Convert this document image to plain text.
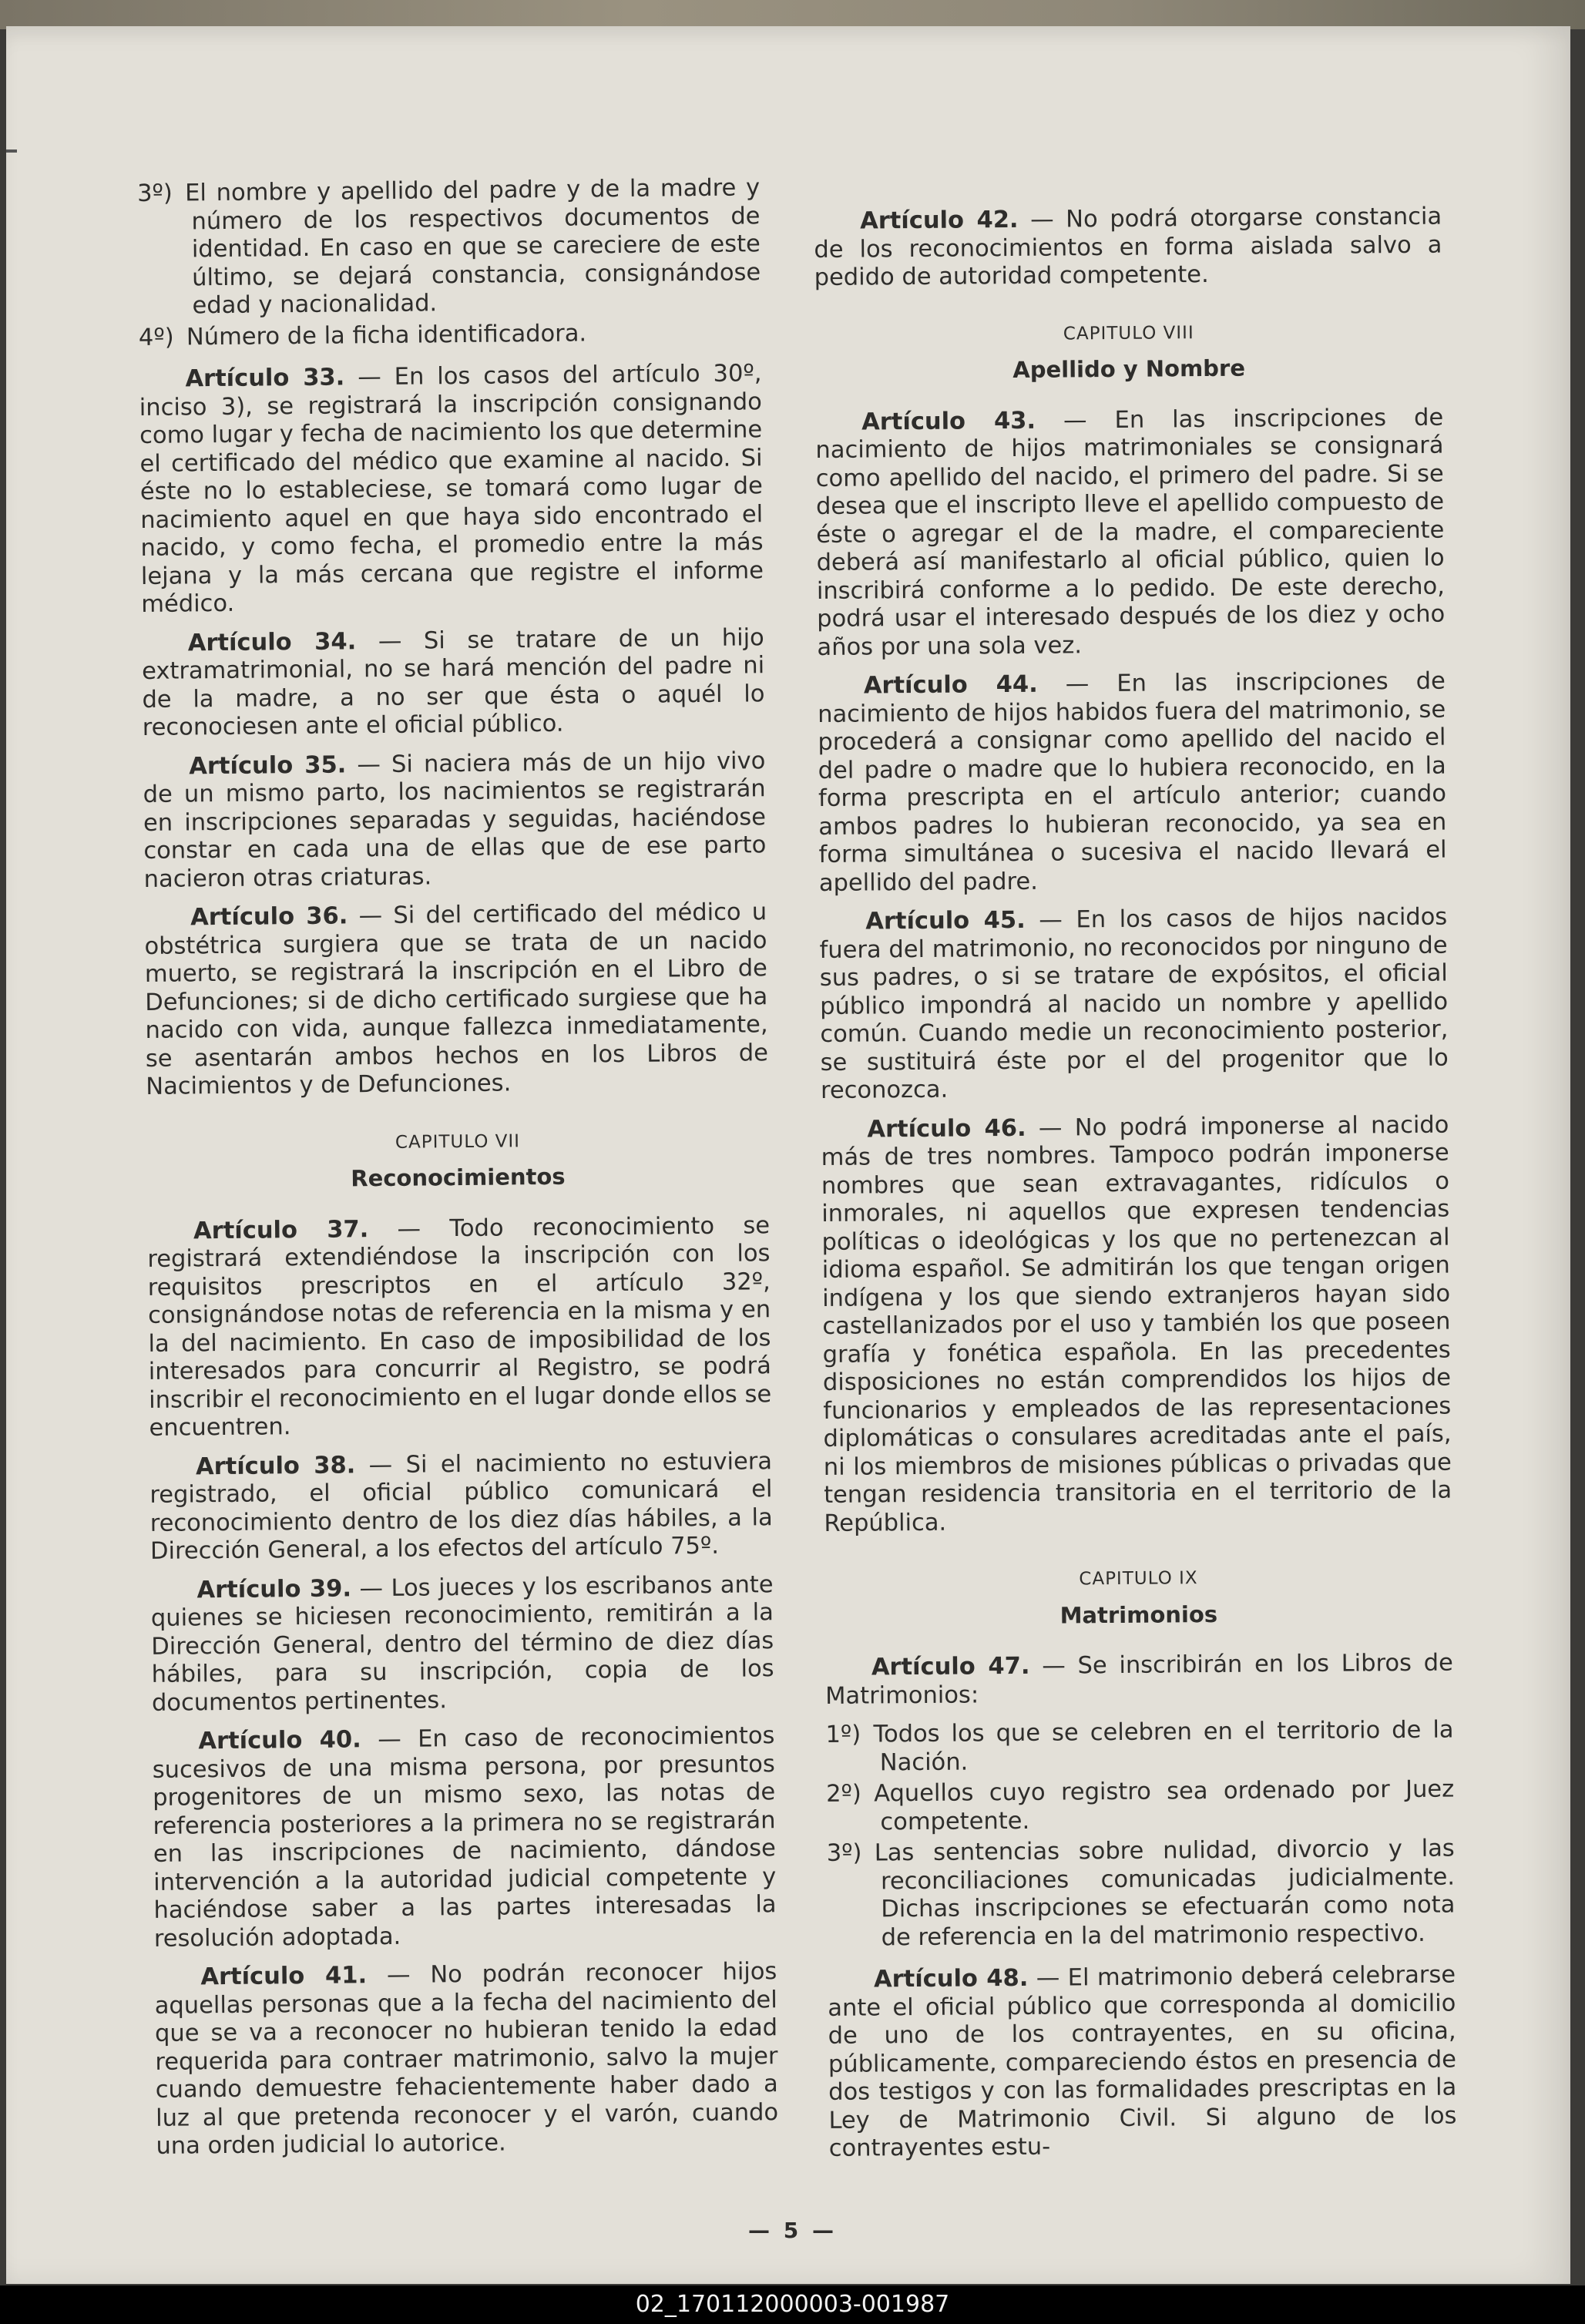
3º) El nombre y apellido del padre y de la madre y número de los respectivos documentos de identidad. En caso en que se careciere de este último, se dejará constancia, consignándose edad y nacionalidad.

4º) Número de la ficha identificadora.

Artículo 33. — En los casos del artículo 30º, inciso 3), se registrará la inscripción consignando como lugar y fecha de nacimiento los que determine el certificado del médico que examine al nacido. Si éste no lo estableciese, se tomará como lugar de nacimiento aquel en que haya sido encontrado el nacido, y como fecha, el promedio entre la más lejana y la más cercana que registre el informe médico.

Artículo 34. — Si se tratare de un hijo extramatrimonial, no se hará mención del padre ni de la madre, a no ser que ésta o aquél lo reconociesen ante el oficial público.

Artículo 35. — Si naciera más de un hijo vivo de un mismo parto, los nacimientos se registrarán en inscripciones separadas y seguidas, haciéndose constar en cada una de ellas que de ese parto nacieron otras criaturas.

Artículo 36. — Si del certificado del médico u obstétrica surgiera que se trata de un nacido muerto, se registrará la inscripción en el Libro de Defunciones; si de dicho certificado surgiese que ha nacido con vida, aunque fallezca inmediatamente, se asentarán ambos hechos en los Libros de Nacimientos y de Defunciones.

CAPITULO VII
Reconocimientos

Artículo 37. — Todo reconocimiento se registrará extendiéndose la inscripción con los requisitos prescriptos en el artículo 32º, consignándose notas de referencia en la misma y en la del nacimiento. En caso de imposibilidad de los interesados para concurrir al Registro, se podrá inscribir el reconocimiento en el lugar donde ellos se encuentren.

Artículo 38. — Si el nacimiento no estuviera registrado, el oficial público comunicará el reconocimiento dentro de los diez días hábiles, a la Dirección General, a los efectos del artículo 75º.

Artículo 39. — Los jueces y los escribanos ante quienes se hiciesen reconocimiento, remitirán a la Dirección General, dentro del término de diez días hábiles, para su inscripción, copia de los documentos pertinentes.

Artículo 40. — En caso de reconocimientos sucesivos de una misma persona, por presuntos progenitores de un mismo sexo, las notas de referencia posteriores a la primera no se registrarán en las inscripciones de nacimiento, dándose intervención a la autoridad judicial competente y haciéndose saber a las partes interesadas la resolución adoptada.

Artículo 41. — No podrán reconocer hijos aquellas personas que a la fecha del nacimiento del que se va a reconocer no hubieran tenido la edad requerida para contraer matrimonio, salvo la mujer cuando demuestre fehacientemente haber dado a luz al que pretenda reconocer y el varón, cuando una orden judicial lo autorice.

Artículo 42. — No podrá otorgarse constancia de los reconocimientos en forma aislada salvo a pedido de autoridad competente.

CAPITULO VIII
Apellido y Nombre

Artículo 43. — En las inscripciones de nacimiento de hijos matrimoniales se consignará como apellido del nacido, el primero del padre. Si se desea que el inscripto lleve el apellido compuesto de éste o agregar el de la madre, el compareciente deberá así manifestarlo al oficial público, quien lo inscribirá conforme a lo pedido. De este derecho, podrá usar el interesado después de los diez y ocho años por una sola vez.

Artículo 44. — En las inscripciones de nacimiento de hijos habidos fuera del matrimonio, se procederá a consignar como apellido del nacido el del padre o madre que lo hubiera reconocido, en la forma prescripta en el artículo anterior; cuando ambos padres lo hubieran reconocido, ya sea en forma simultánea o sucesiva el nacido llevará el apellido del padre.

Artículo 45. — En los casos de hijos nacidos fuera del matrimonio, no reconocidos por ninguno de sus padres, o si se tratare de expósitos, el oficial público impondrá al nacido un nombre y apellido común. Cuando medie un reconocimiento posterior, se sustituirá éste por el del progenitor que lo reconozca.

Artículo 46. — No podrá imponerse al nacido más de tres nombres. Tampoco podrán imponerse nombres que sean extravagantes, ridículos o inmorales, ni aquellos que expresen tendencias políticas o ideológicas y los que no pertenezcan al idioma español. Se admitirán los que tengan origen indígena y los que siendo extranjeros hayan sido castellanizados por el uso y también los que poseen grafía y fonética española. En las precedentes disposiciones no están comprendidos los hijos de funcionarios y empleados de las representaciones diplomáticas o consulares acreditadas ante el país, ni los miembros de misiones públicas o privadas que tengan residencia transitoria en el territorio de la República.

CAPITULO IX
Matrimonios

Artículo 47. — Se inscribirán en los Libros de Matrimonios:

1º) Todos los que se celebren en el territorio de la Nación.

2º) Aquellos cuyo registro sea ordenado por Juez competente.

3º) Las sentencias sobre nulidad, divorcio y las reconciliaciones comunicadas judicialmente. Dichas inscripciones se efectuarán como nota de referencia en la del matrimonio respectivo.

Artículo 48. — El matrimonio deberá celebrarse ante el oficial público que corresponda al domicilio de uno de los contrayentes, en su oficina, públicamente, compareciendo éstos en presencia de dos testigos y con las formalidades prescriptas en la Ley de Matrimonio Civil. Si alguno de los contrayentes estu-

— 5 —
02_170112000003-001987
